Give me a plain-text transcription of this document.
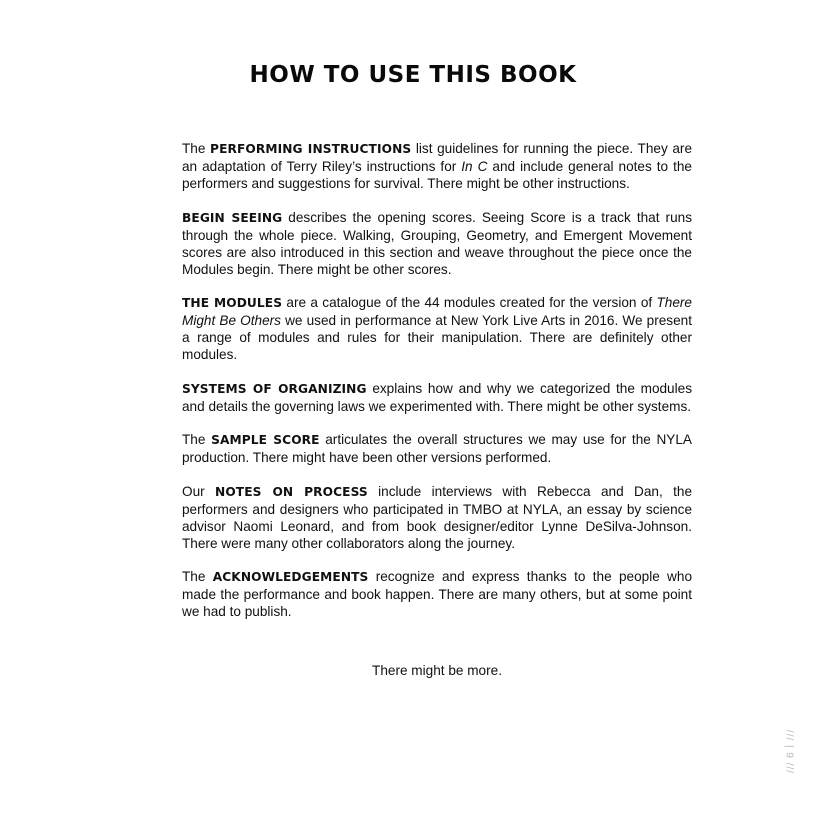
HOW TO USE THIS BOOK

The PERFORMING INSTRUCTIONS list guidelines for running the piece. They are an adaptation of Terry Riley’s instructions for In C and include general notes to the performers and suggestions for survival. There might be other instructions.

BEGIN SEEING describes the opening scores. Seeing Score is a track that runs through the whole piece. Walking, Grouping, Geometry, and Emergent Movement scores are also introduced in this section and weave throughout the piece once the Modules begin. There might be other scores.

THE MODULES are a catalogue of the 44 modules created for the version of There Might Be Others we used in performance at New York Live Arts in 2016. We present a range of modules and rules for their manipulation. There are definitely other modules.

SYSTEMS OF ORGANIZING explains how and why we categorized the modules and details the governing laws we experimented with. There might be other systems.

The SAMPLE SCORE articulates the overall structures we may use for the NYLA production. There might have been other versions performed.

Our NOTES ON PROCESS include interviews with Rebecca and Dan, the performers and designers who participated in TMBO at NYLA, an essay by science advisor Naomi Leonard, and from book designer/editor Lynne DeSilva-Johnson. There were many other collaborators along the journey.

The ACKNOWLEDGEMENTS recognize and express thanks to the people who made the performance and book happen. There are many others, but at some point we had to publish.

There might be more.
/// | 9 ///
